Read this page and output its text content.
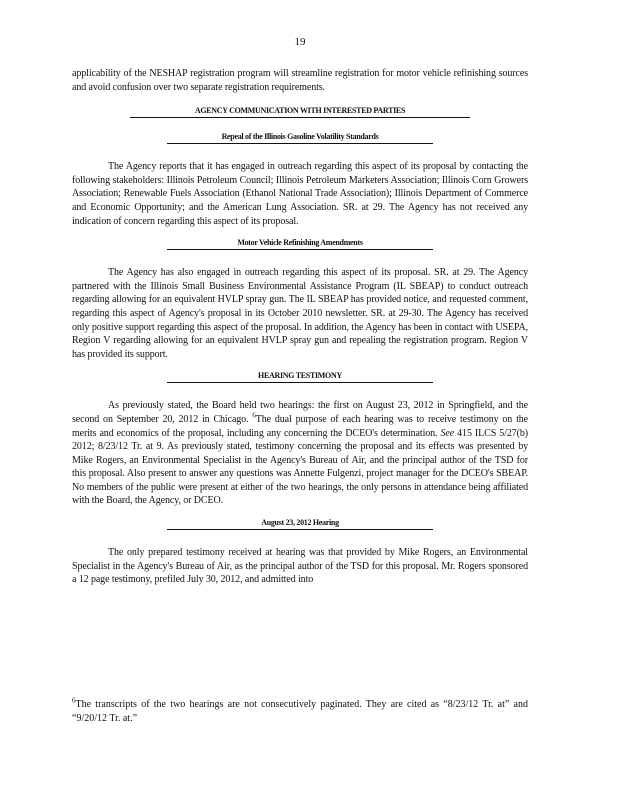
19

applicability of the NESHAP registration program will streamline registration for motor vehicle refinishing sources and avoid confusion over two separate registration requirements.

AGENCY COMMUNICATION WITH INTERESTED PARTIES
Repeal of the Illinois Gasoline Volatility Standards

The Agency reports that it has engaged in outreach regarding this aspect of its proposal by contacting the following stakeholders: Illinois Petroleum Council; Illinois Petroleum Marketers Association; Illinois Corn Growers Association; Renewable Fuels Association (Ethanol National Trade Association); Illinois Department of Commerce and Economic Opportunity; and the American Lung Association. SR. at 29. The Agency has not received any indication of concern regarding this aspect of its proposal.

Motor Vehicle Refinishing Amendments

The Agency has also engaged in outreach regarding this aspect of its proposal. SR. at 29. The Agency partnered with the Illinois Small Business Environmental Assistance Program (IL SBEAP) to conduct outreach regarding allowing for an equivalent HVLP spray gun. The IL SBEAP has provided notice, and requested comment, regarding this aspect of Agency's proposal in its October 2010 newsletter. SR. at 29-30. The Agency has received only positive support regarding this aspect of the proposal. In addition, the Agency has been in contact with USEPA, Region V regarding allowing for an equivalent HVLP spray gun and repealing the registration program. Region V has provided its support.

HEARING TESTIMONY

As previously stated, the Board held two hearings: the first on August 23, 2012 in Springfield, and the second on September 20, 2012 in Chicago. $^6$The dual purpose of each hearing was to receive testimony on the merits and economics of the proposal, including any concerning the DCEO's determination. See 415 ILCS 5/27(b) 2012; 8/23/12 Tr. at 9. As previously stated, testimony concerning the proposal and its effects was presented by Mike Rogers, an Environmental Specialist in the Agency's Bureau of Air, and the principal author of the TSD for this proposal. Also present to answer any questions was Annette Fulgenzi, project manager for the DCEO's SBEAP. No members of the public were present at either of the two hearings, the only persons in attendance being affiliated with the Board, the Agency, or DCEO.

August 23, 2012 Hearing

The only prepared testimony received at hearing was that provided by Mike Rogers, an Environmental Specialist in the Agency's Bureau of Air, as the principal author of the TSD for this proposal. Mr. Rogers sponsored a 12 page testimony, prefiled July 30, 2012, and admitted into

$^6$The transcripts of the two hearings are not consecutively paginated. They are cited as “8/23/12 Tr. at” and “9/20/12 Tr. at.”
